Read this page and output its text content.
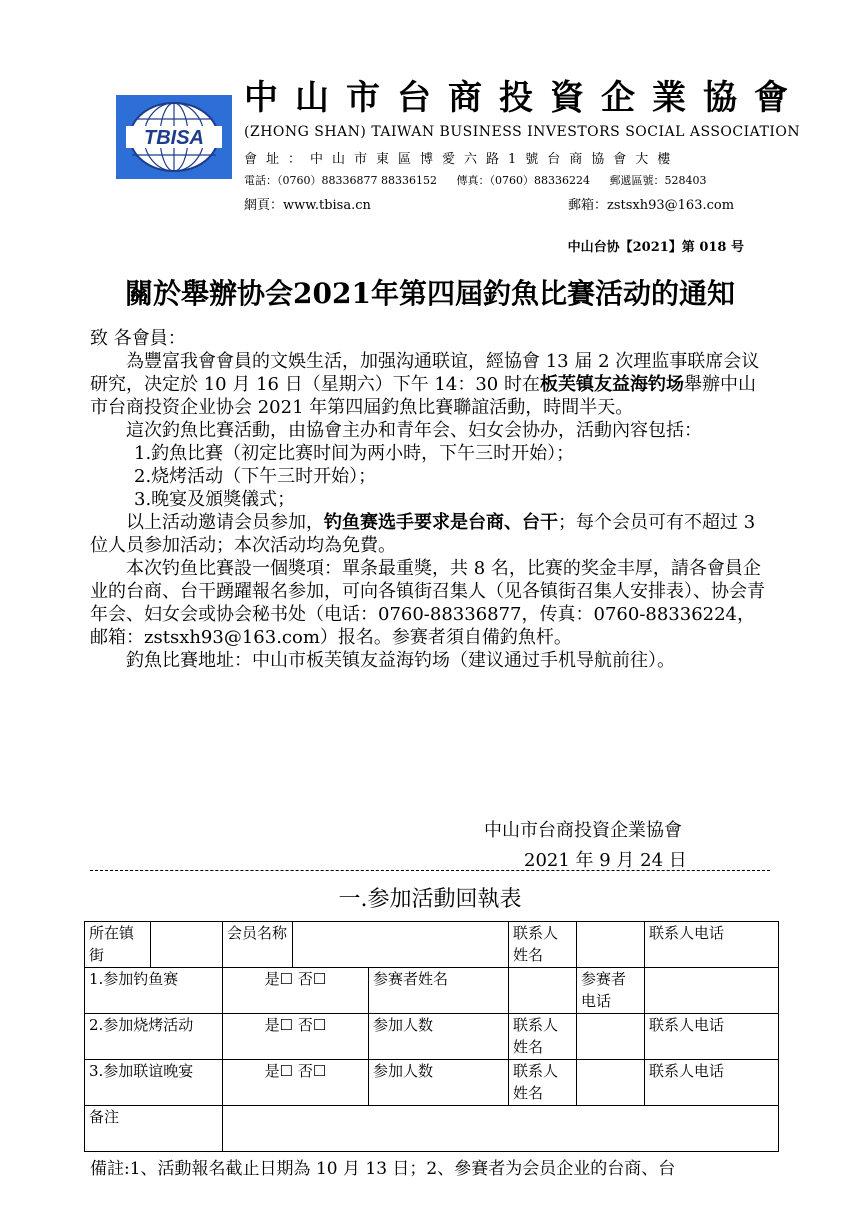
TBISA
中山市台商投資企業協會
(ZHONG SHAN) TAIWAN BUSINESS INVESTORS SOCIAL ASSOCIATION
會址：中山市東區博愛六路1號台商協會大樓
電話：（0760）88336877 88336152 傳真：（0760）88336224 郵遞區號：528403
網頁：www.tbisa.cn	郵箱：zstsxh93@163.com
中山台协【2021】第 018 号
關於舉辦协会2021年第四屆釣魚比賽活动的通知

致 各會員：

為豐富我會會員的文娛生活，加强沟通联谊，經協會 13 届 2 次理监事联席会议研究，决定於 10 月 16 日（星期六）下午 14：30 时在板芙镇友益海钓场舉辦中山市台商投资企业协会 2021 年第四屆釣魚比賽聯誼活動，時間半天。

這次釣魚比賽活動，由協會主办和青年会、妇女会协办，活動內容包括：

1.釣魚比賽（初定比赛时间为两小時，下午三时开始）；

2.烧烤活动（下午三时开始）；

3.晚宴及頒獎儀式；

以上活动邀请会员参加，钓鱼赛选手要求是台商、台干；每个会员可有不超过 3 位人员参加活动；本次活动均為免費。

本次钓鱼比賽設一個獎項：單条最重獎，共 8 名，比赛的奖金丰厚，請各會員企业的台商、台干踴躍報名参加，可向各镇街召集人（见各镇街召集人安排表）、协会青年会、妇女会或协会秘书处（电话：0760-88336877，传真：0760-88336224，邮箱：zstsxh93@163.com）报名。参赛者須自備釣魚杆。

釣魚比賽地址：中山市板芙镇友益海钓场（建议通过手机导航前往）。

中山市台商投資企業協會
2021 年 9 月 24 日
一.参加活動回執表
所在镇街		会员名称			联系人姓名		联系人电话
1.参加钓鱼赛		是☐ 否☐		参赛者姓名		参赛者电话	
2.参加烧烤活动		是☐ 否☐		参加人数	联系人姓名		联系人电话
3.参加联谊晚宴		是☐ 否☐		参加人数	联系人姓名		联系人电话
备注							
備註:1、活動報名截止日期為 10 月 13 日；2、參賽者为会员企业的台商、台
